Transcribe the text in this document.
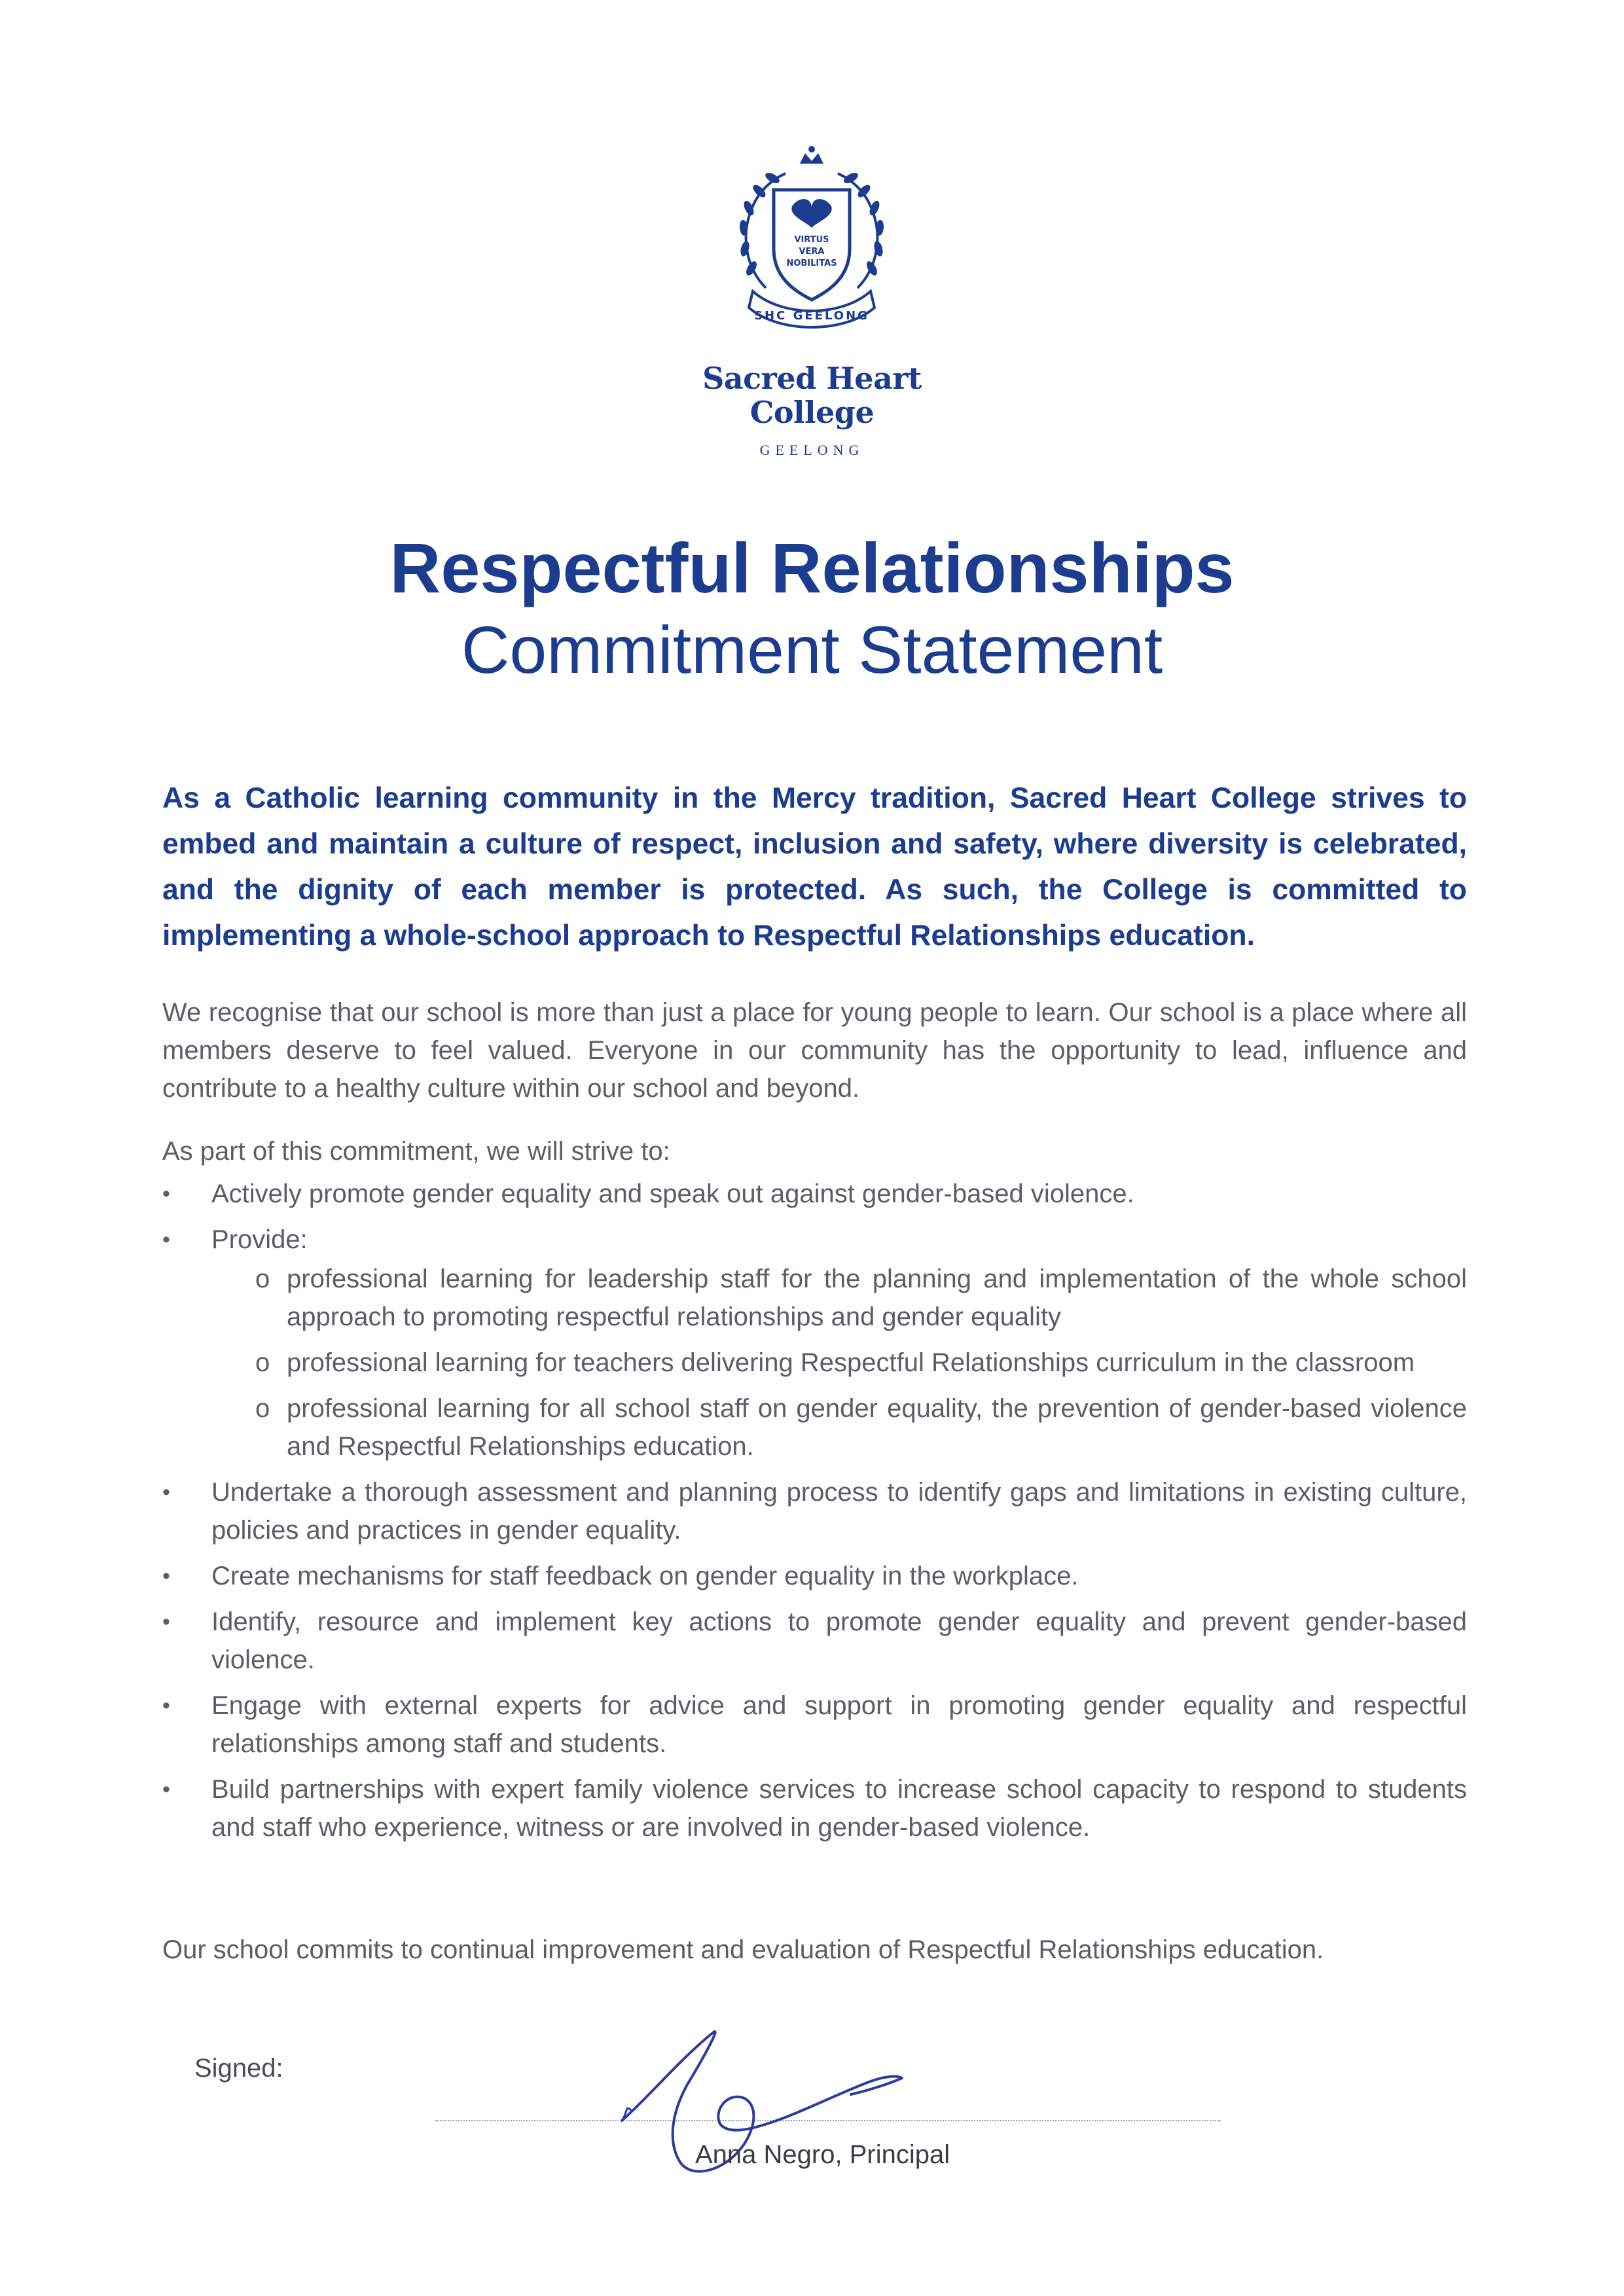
VIRTUS
VERA
NOBILITAS
SHC GEELONG
Sacred Heart
College
GEELONG
Respectful Relationships
Commitment Statement
As a Catholic learning community in the Mercy tradition, Sacred Heart College strives to embed and maintain a culture of respect, inclusion and safety, where diversity is celebrated, and the dignity of each member is protected. As such, the College is committed to implementing a whole-school approach to Respectful Relationships education.
We recognise that our school is more than just a place for young people to learn. Our school is a place where all members deserve to feel valued. Everyone in our community has the opportunity to lead, influence and contribute to a healthy culture within our school and beyond.
As part of this commitment, we will strive to:
• Actively promote gender equality and speak out against gender-based violence.
• Provide:
o professional learning for leadership staff for the planning and implementation of the whole school approach to promoting respectful relationships and gender equality
o professional learning for teachers delivering Respectful Relationships curriculum in the classroom
o professional learning for all school staff on gender equality, the prevention of gender-based violence and Respectful Relationships education.
• Undertake a thorough assessment and planning process to identify gaps and limitations in existing culture, policies and practices in gender equality.
• Create mechanisms for staff feedback on gender equality in the workplace.
• Identify, resource and implement key actions to promote gender equality and prevent gender-based violence.
• Engage with external experts for advice and support in promoting gender equality and respectful relationships among staff and students.
• Build partnerships with expert family violence services to increase school capacity to respond to students and staff who experience, witness or are involved in gender-based violence.
Our school commits to continual improvement and evaluation of Respectful Relationships education.
Signed:
Anna Negro, Principal
